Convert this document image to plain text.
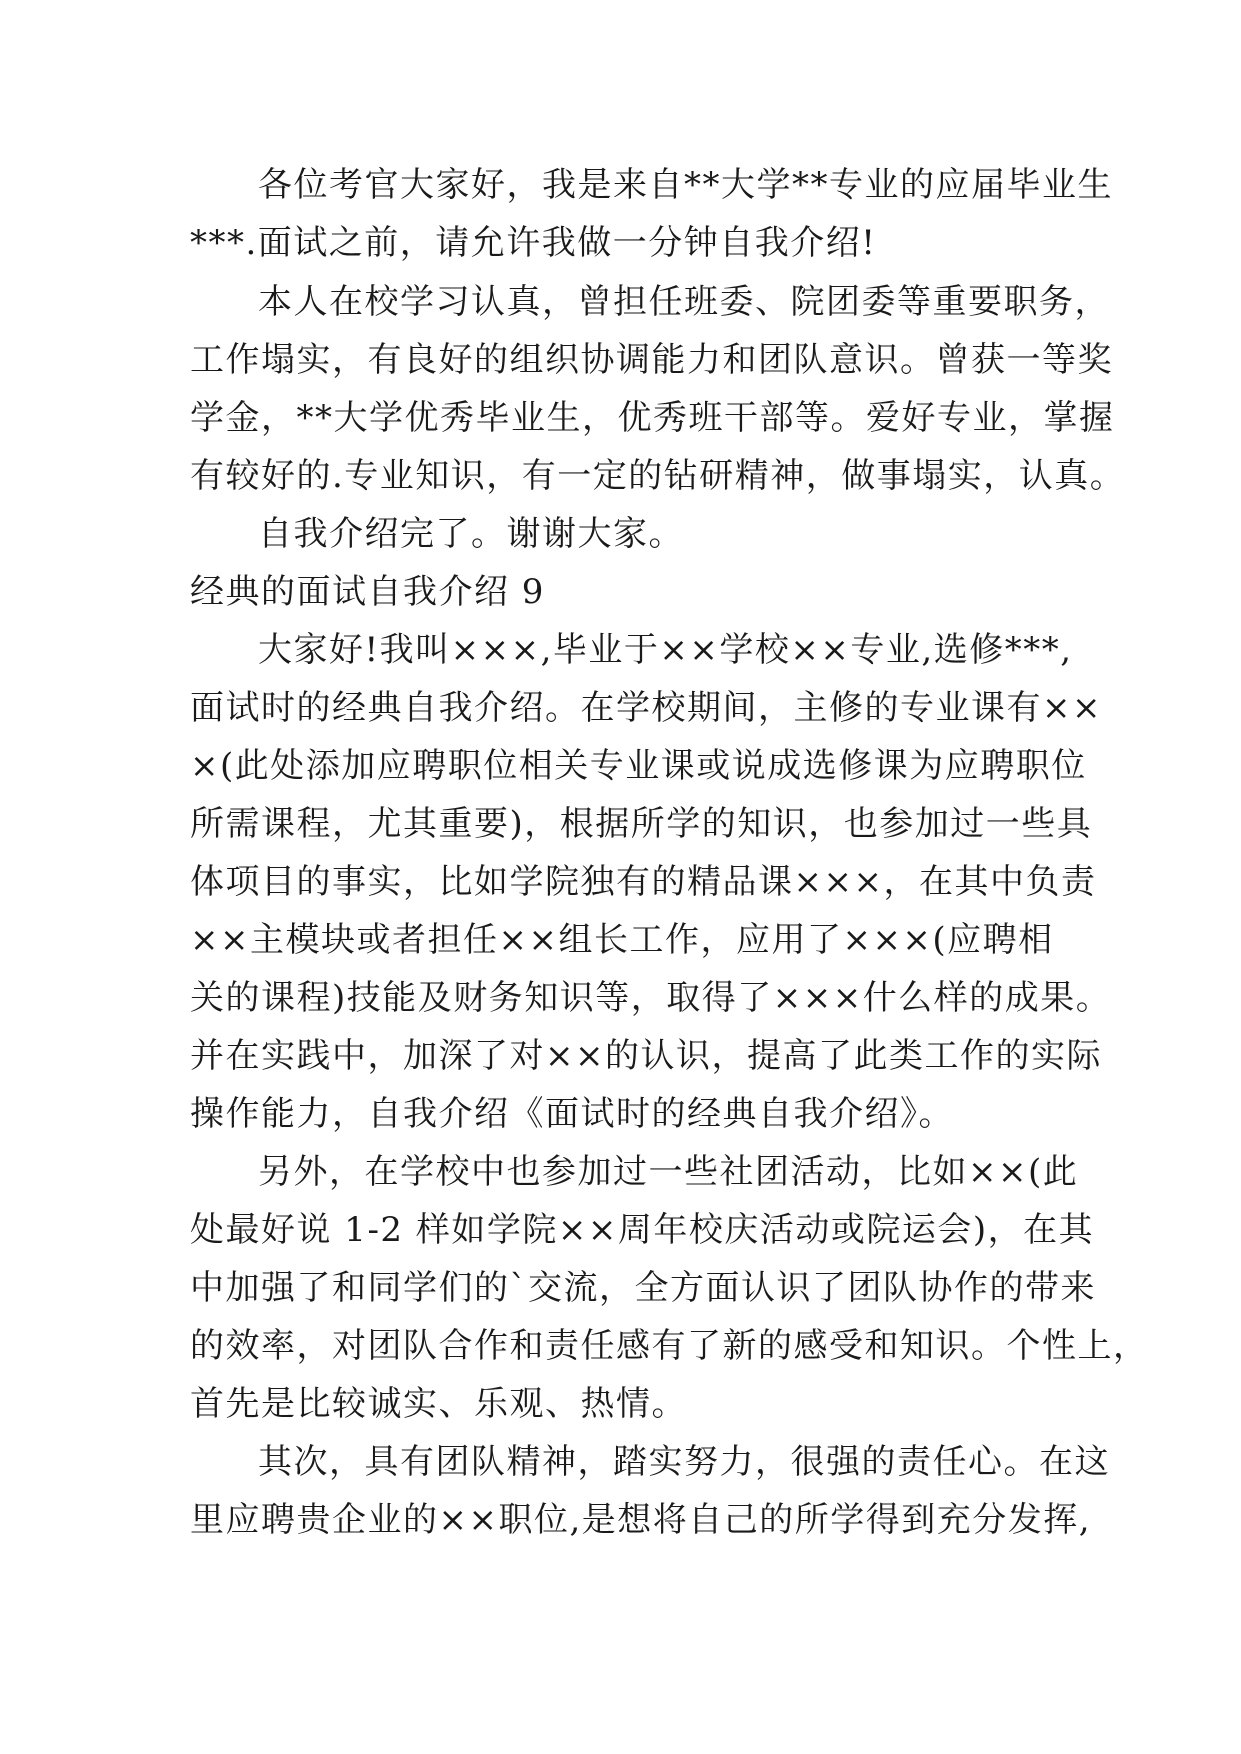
各位考官大家好，我是来自**大学**专业的应届毕业生
***.面试之前，请允许我做一分钟自我介绍!
本人在校学习认真，曾担任班委、院团委等重要职务，
工作塌实，有良好的组织协调能力和团队意识。曾获一等奖
学金，**大学优秀毕业生，优秀班干部等。爱好专业，掌握
有较好的.专业知识，有一定的钻研精神，做事塌实，认真。
自我介绍完了。谢谢大家。
经典的面试自我介绍 9
大家好!我叫×××,毕业于××学校××专业,选修***,
面试时的经典自我介绍。在学校期间，主修的专业课有××
×(此处添加应聘职位相关专业课或说成选修课为应聘职位
所需课程，尤其重要)，根据所学的知识，也参加过一些具
体项目的事实，比如学院独有的精品课×××，在其中负责
××主模块或者担任××组长工作，应用了×××(应聘相
关的课程)技能及财务知识等，取得了×××什么样的成果。
并在实践中，加深了对××的认识，提高了此类工作的实际
操作能力，自我介绍《面试时的经典自我介绍》。
另外，在学校中也参加过一些社团活动，比如××(此
处最好说 1-2 样如学院××周年校庆活动或院运会)，在其
中加强了和同学们的`交流，全方面认识了团队协作的带来
的效率，对团队合作和责任感有了新的感受和知识。个性上，
首先是比较诚实、乐观、热情。
其次，具有团队精神，踏实努力，很强的责任心。在这
里应聘贵企业的××职位,是想将自己的所学得到充分发挥,
